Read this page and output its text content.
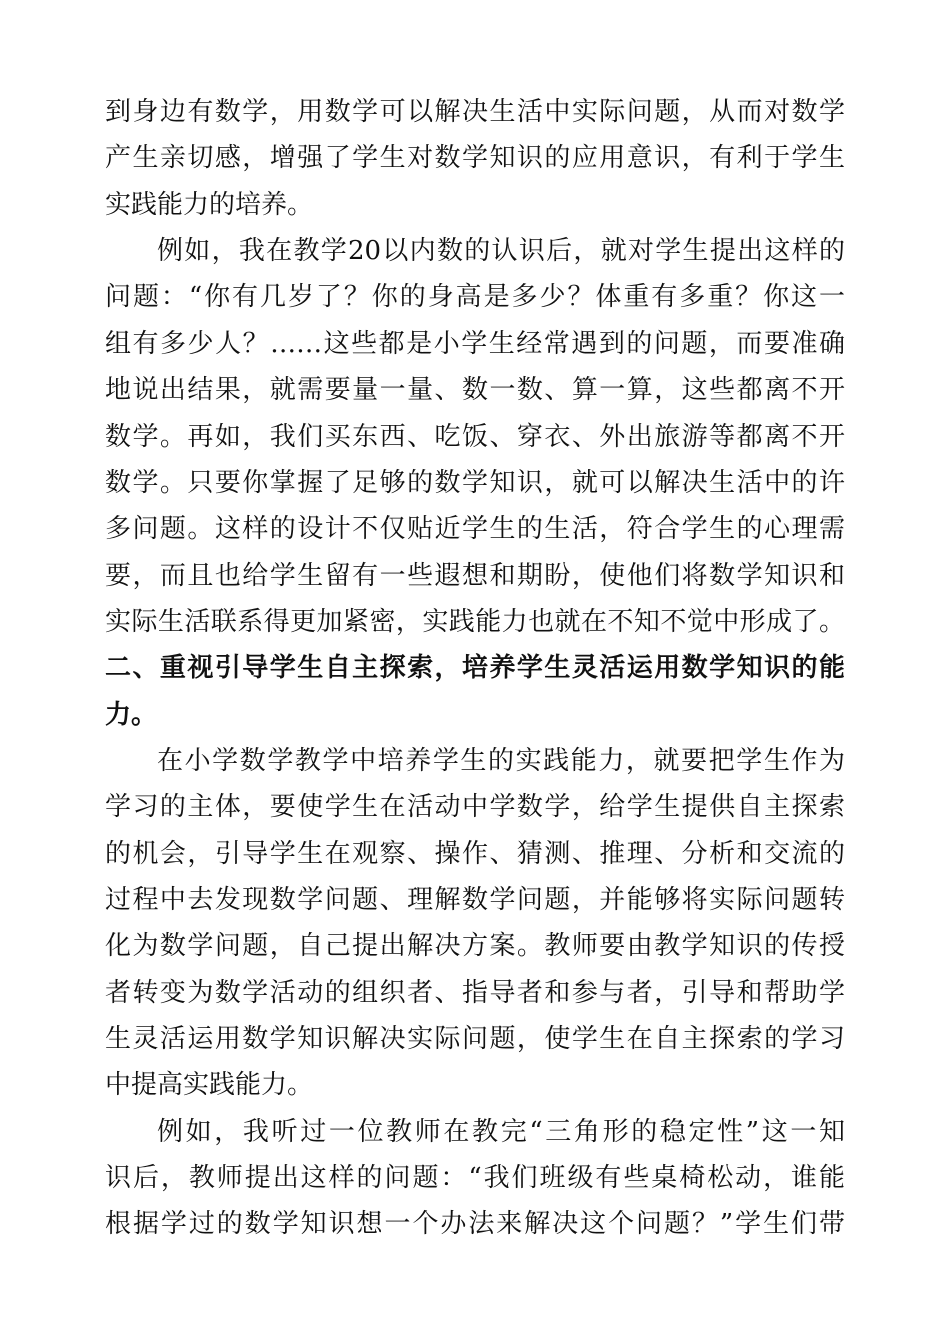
到身边有数学，用数学可以解决生活中实际问题，从而对数学

产生亲切感，增强了学生对数学知识的应用意识，有利于学生

实践能力的培养。

例如，我在教学20以内数的认识后，就对学生提出这样的

问题：“你有几岁了？你的身高是多少？体重有多重？你这一

组有多少人？……这些都是小学生经常遇到的问题，而要准确

地说出结果，就需要量一量、数一数、算一算，这些都离不开

数学。再如，我们买东西、吃饭、穿衣、外出旅游等都离不开

数学。只要你掌握了足够的数学知识，就可以解决生活中的许

多问题。这样的设计不仅贴近学生的生活，符合学生的心理需

要，而且也给学生留有一些遐想和期盼，使他们将数学知识和

实际生活联系得更加紧密，实践能力也就在不知不觉中形成了。

二、重视引导学生自主探索，培养学生灵活运用数学知识的能

力。

在小学数学教学中培养学生的实践能力，就要把学生作为

学习的主体，要使学生在活动中学数学，给学生提供自主探索

的机会，引导学生在观察、操作、猜测、推理、分析和交流的

过程中去发现数学问题、理解数学问题，并能够将实际问题转

化为数学问题，自己提出解决方案。教师要由教学知识的传授

者转变为数学活动的组织者、指导者和参与者，引导和帮助学

生灵活运用数学知识解决实际问题，使学生在自主探索的学习

中提高实践能力。

例如，我听过一位教师在教完“三角形的稳定性”这一知

识后，教师提出这样的问题：“我们班级有些桌椅松动，谁能

根据学过的数学知识想一个办法来解决这个问题？”学生们带
